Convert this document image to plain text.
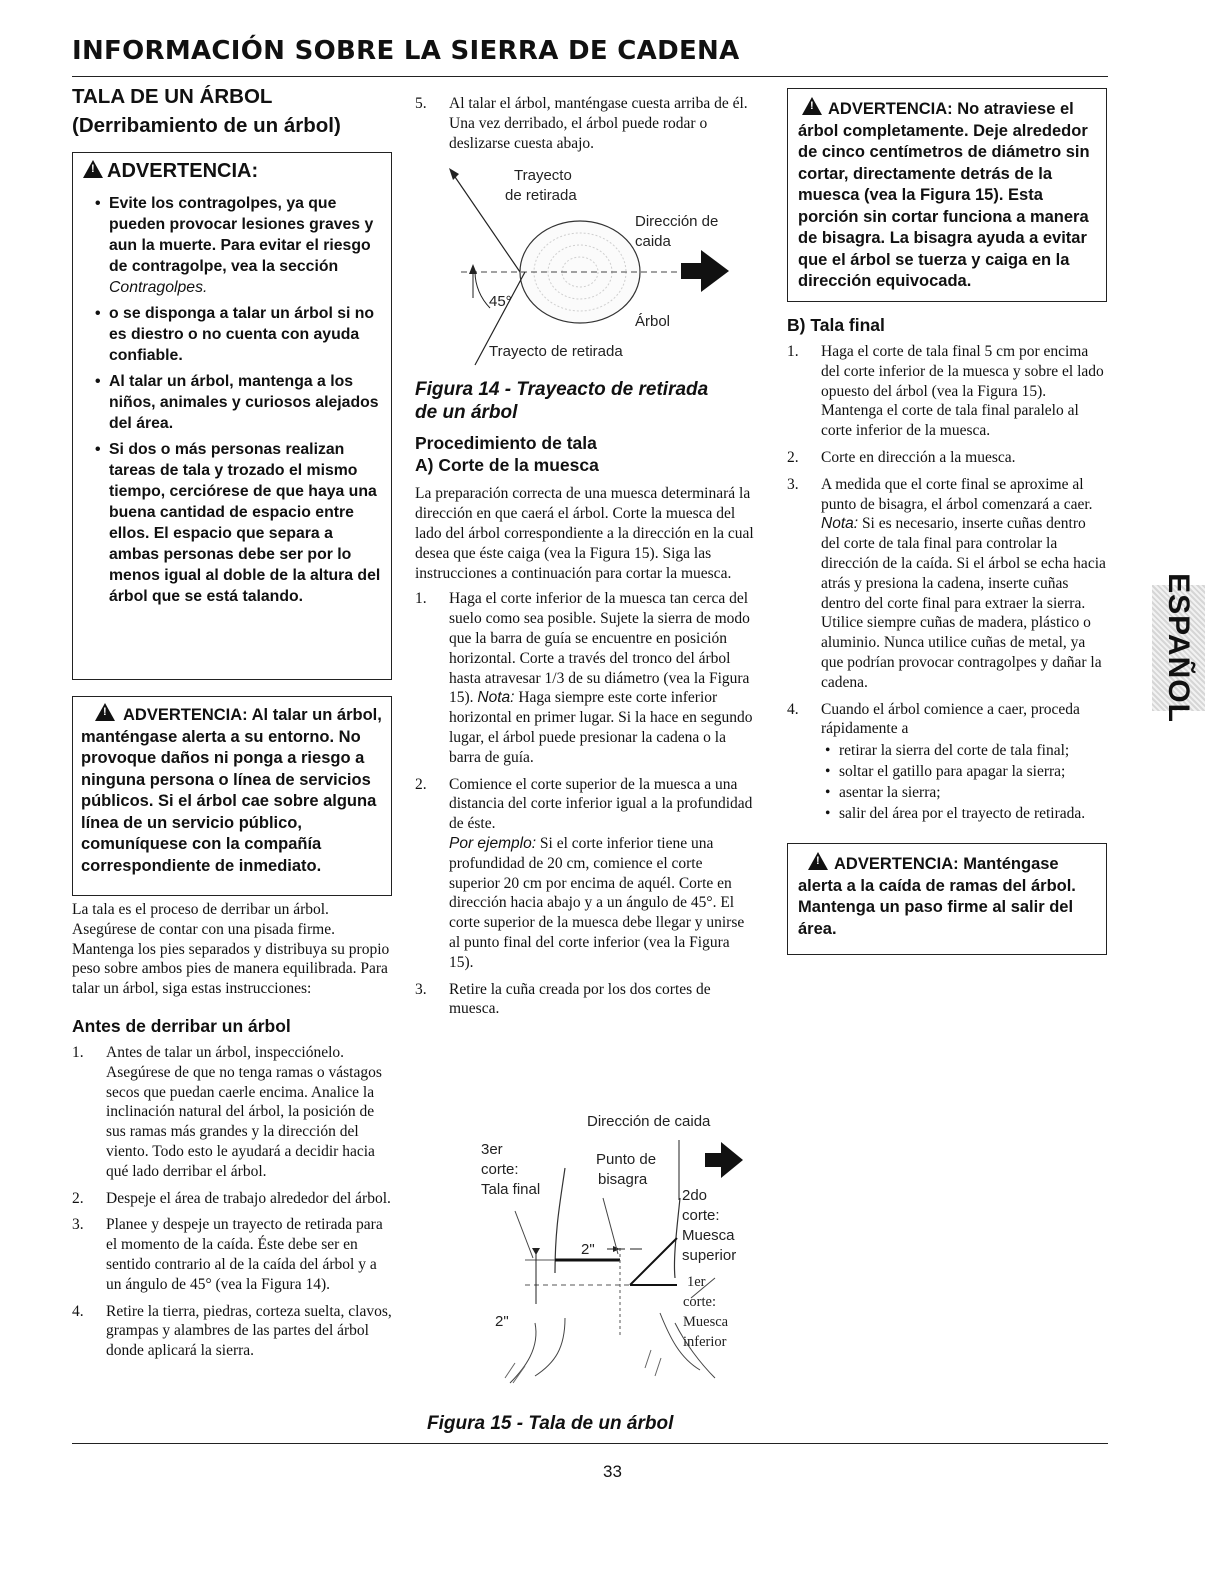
INFORMACIÓN SOBRE LA SIERRA DE CADENA
TALA DE UN ÁRBOL
(Derribamiento de un árbol)
!ADVERTENCIA:
• Evite los contragolpes, ya que pueden provocar lesiones graves y aun la muerte. Para evitar el riesgo de contragolpe, vea la sección Contragolpes.
• o se disponga a talar un árbol si no es diestro o no cuenta con ayuda confiable.
• Al talar un árbol, mantenga a los niños, animales y curiosos alejados del área.
• Si dos o más personas realizan tareas de tala y trozado el mismo tiempo, cerciórese de que haya una buena cantidad de espacio entre ellos. El espacio que separa a ambas personas debe ser por lo menos igual al doble de la altura del árbol que se está talando.
!ADVERTENCIA: Al talar un árbol, manténgase alerta a su entorno. No provoque daños ni ponga a riesgo a ninguna persona o línea de servicios públicos. Si el árbol cae sobre alguna línea de un servicio público, comuníquese con la compañía correspondiente de inmediato.

La tala es el proceso de derribar un árbol. Asegúrese de contar con una pisada firme. Mantenga los pies separados y distribuya su propio peso sobre ambos pies de manera equilibrada. Para talar un árbol, siga estas instrucciones:

Antes de derribar un árbol
1. Antes de talar un árbol, inspecciónelo. Asegúrese de que no tenga ramas o vástagos secos que puedan caerle encima. Analice la inclinación natural del árbol, la posición de sus ramas más grandes y la dirección del viento. Todo esto le ayudará a decidir hacia qué lado derribar el árbol.
2. Despeje el área de trabajo alrededor del árbol.
3. Planee y despeje un trayecto de retirada para el momento de la caída. Éste debe ser en sentido contrario al de la caída del árbol y a un ángulo de 45° (vea la Figura 14).
4. Retire la tierra, piedras, corteza suelta, clavos, grampas y alambres de las partes del árbol donde aplicará la sierra.
5. Al talar el árbol, manténgase cuesta arriba de él. Una vez derribado, el árbol puede rodar o deslizarse cuesta abajo.
Trayecto
de retirada
Dirección de
caida
45°
Árbol
Trayecto de retirada
Figura 14 - Trayeacto de retirada
de un árbol
Procedimiento de tala
A) Corte de la muesca

La preparación correcta de una muesca determinará la dirección en que caerá el árbol. Corte la muesca del lado del árbol correspondiente a la dirección en la cual desea que éste caiga (vea la Figura 15). Siga las instrucciones a continuación para cortar la muesca.

1. Haga el corte inferior de la muesca tan cerca del suelo como sea posible. Sujete la sierra de modo que la barra de guía se encuentre en posición horizontal. Corte a través del tronco del árbol hasta atravesar 1/3 de su diámetro (vea la Figura 15). Nota: Haga siempre este corte inferior horizontal en primer lugar. Si la hace en segundo lugar, el árbol puede presionar la cadena o la barra de guía.
2. Comience el corte superior de la muesca a una distancia del corte inferior igual a la profundidad de éste.
Por ejemplo: Si el corte inferior tiene una profundidad de 20 cm, comience el corte superior 20 cm por encima de aquél. Corte en dirección hacia abajo y a un ángulo de 45°. El corte superior de la muesca debe llegar y unirse al punto final del corte inferior (vea la Figura 15).
3. Retire la cuña creada por los dos cortes de muesca.
Dirección de caida
3er
corte:
Tala final
Punto de
bisagra
2do
corte:
Muesca
superior
1er
corte:
Muesca
inferior
2"
2"
Figura 15 - Tala de un árbol
!ADVERTENCIA: No atraviese el árbol completamente. Deje alrededor de cinco centímetros de diámetro sin cortar, directamente detrás de la muesca (vea la Figura 15). Esta porción sin cortar funciona a manera de bisagra. La bisagra ayuda a evitar que el árbol se tuerza y caiga en la dirección equivocada.
B) Tala final
1. Haga el corte de tala final 5 cm por encima del corte inferior de la muesca y sobre el lado opuesto del árbol (vea la Figura 15). Mantenga el corte de tala final paralelo al corte inferior de la muesca.
2. Corte en dirección a la muesca.
3. A medida que el corte final se aproxime al punto de bisagra, el árbol comenzará a caer. Nota: Si es necesario, inserte cuñas dentro del corte de tala final para controlar la dirección de la caída. Si el árbol se echa hacia atrás y presiona la cadena, inserte cuñas dentro del corte final para extraer la sierra. Utilice siempre cuñas de madera, plástico o aluminio. Nunca utilice cuñas de metal, ya que podrían provocar contragolpes y dañar la cadena.
4. Cuando el árbol comience a caer, proceda rápidamente a
• retirar la sierra del corte de tala final;
• soltar el gatillo para apagar la sierra;
• asentar la sierra;
• salir del área por el trayecto de retirada.
!ADVERTENCIA: Manténgase alerta a la caída de ramas del árbol. Mantenga un paso firme al salir del área.
ESPAÑOL
33
